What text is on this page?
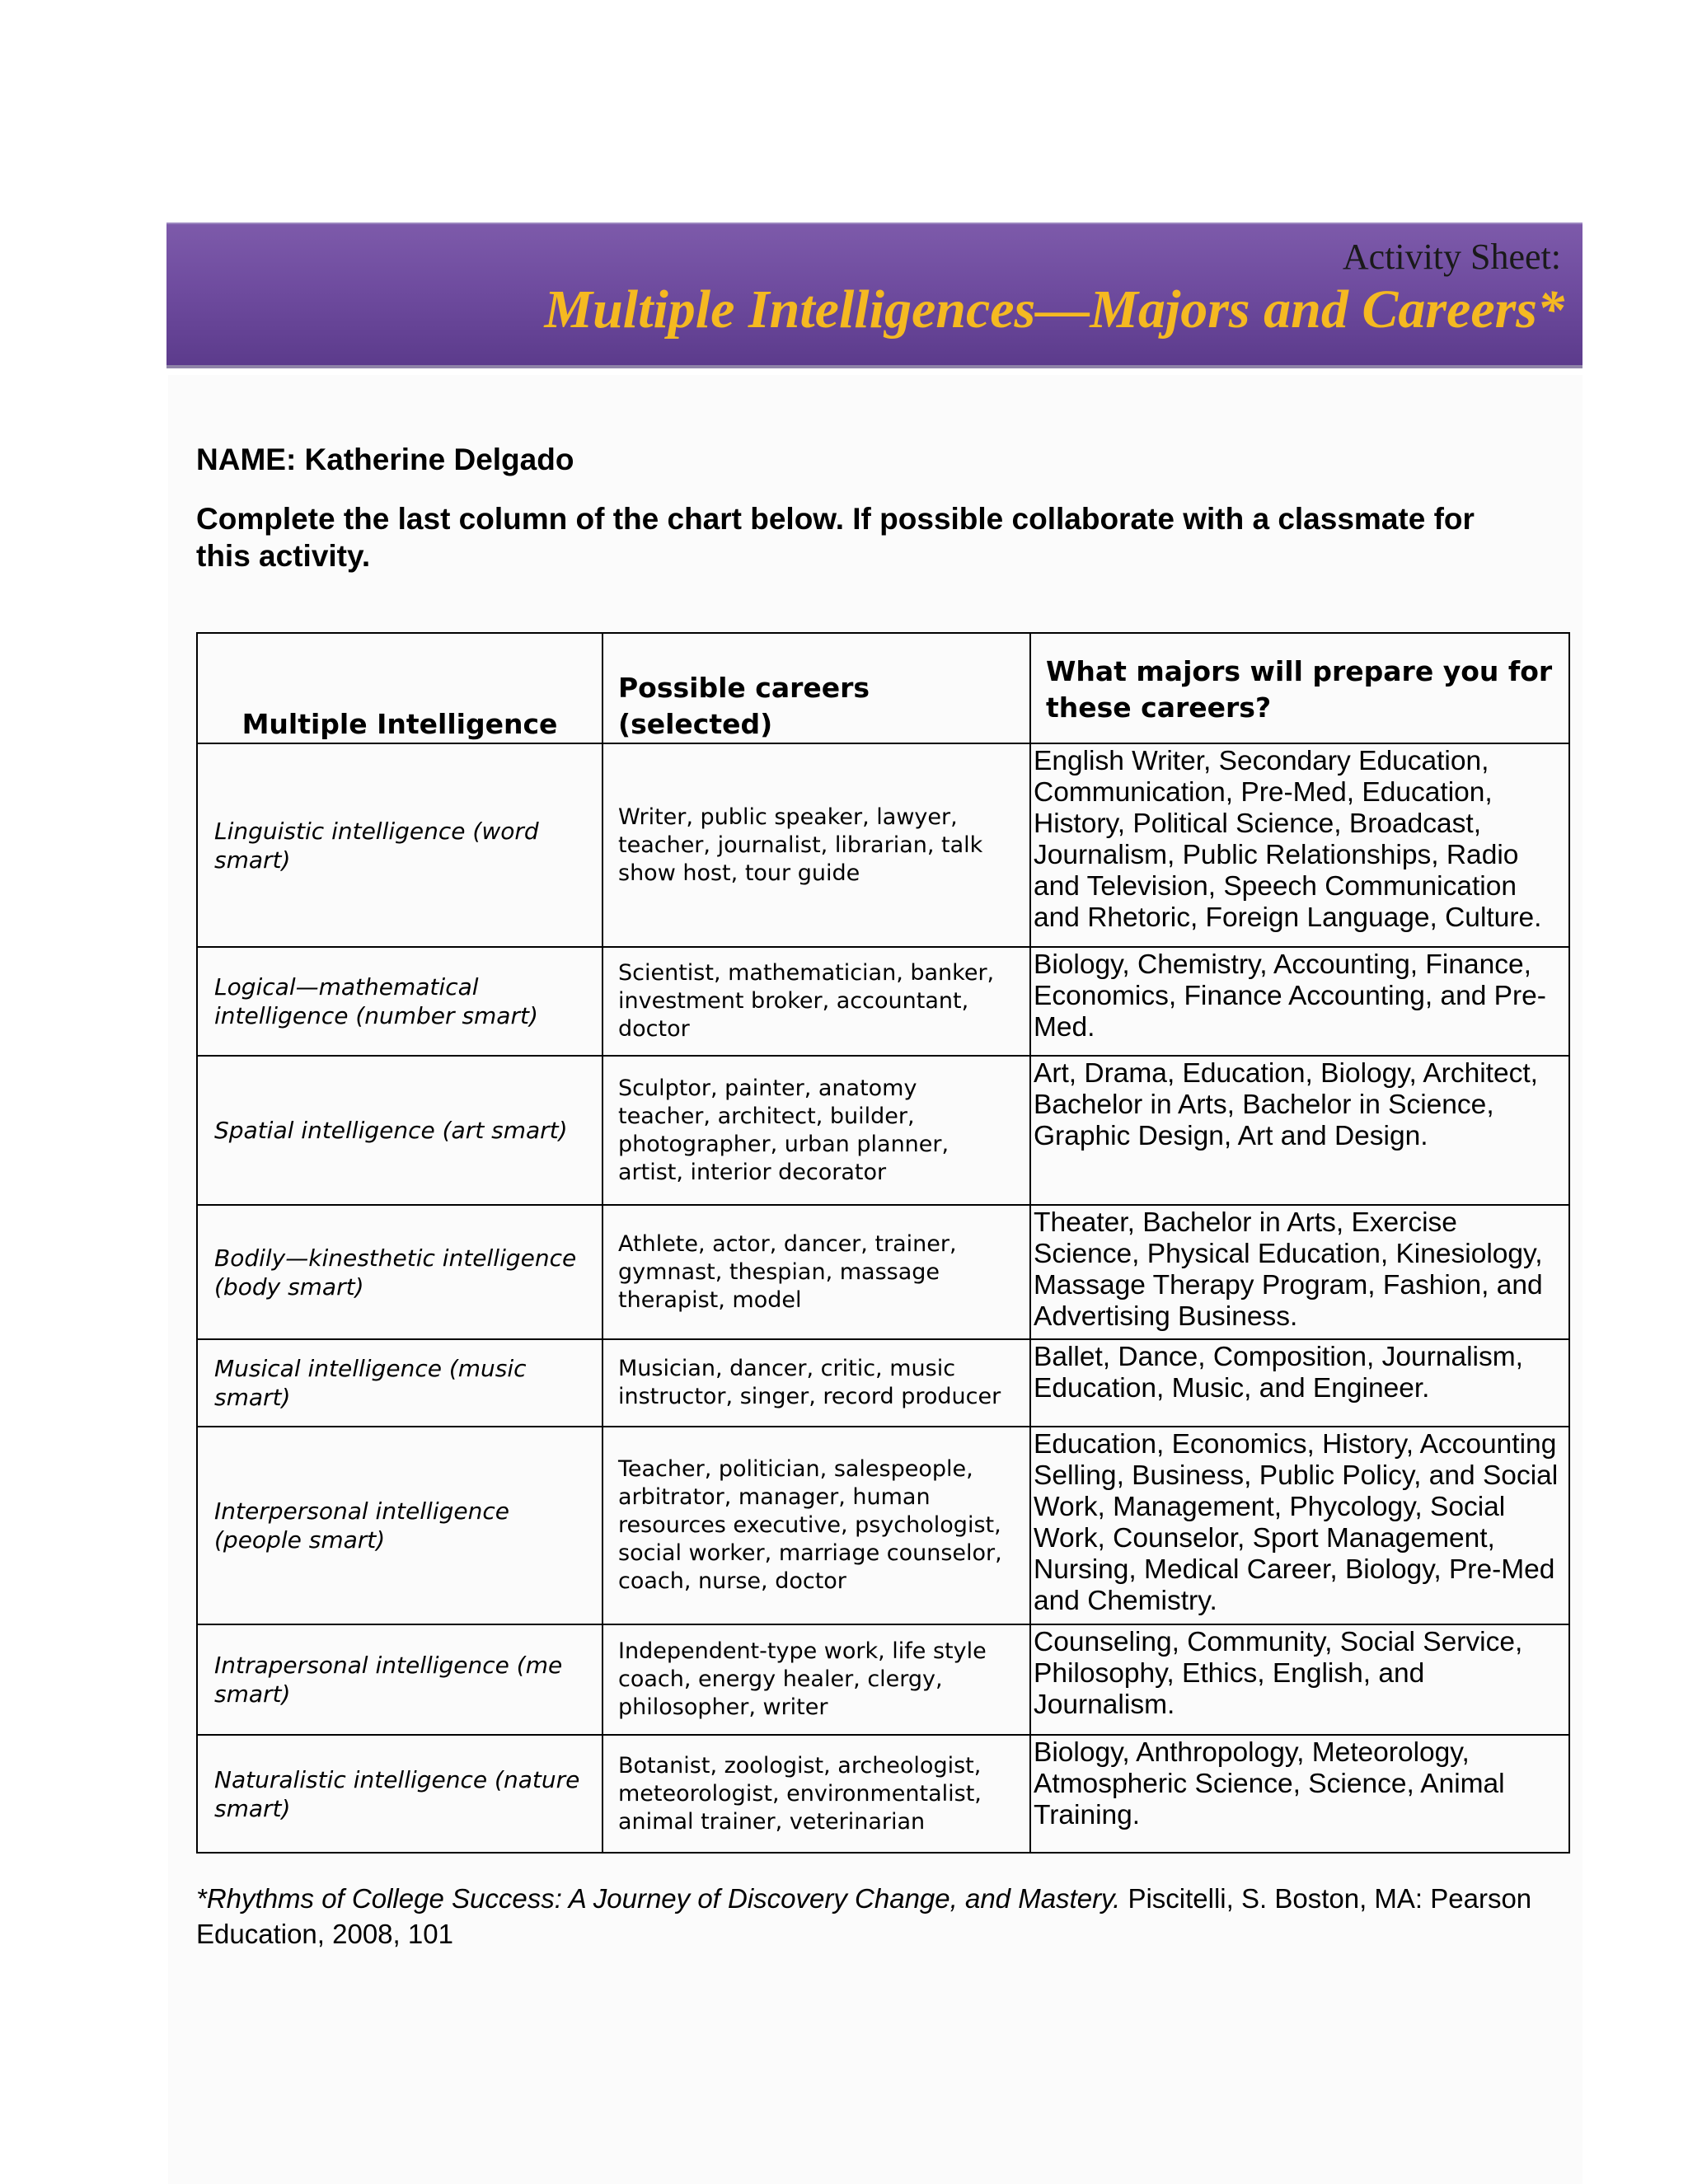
Activity Sheet:
Multiple Intelligences—Majors and Careers*
NAME: Katherine Delgado
Complete the last column of the chart below. If possible collaborate with a classmate for this activity.
Multiple Intelligence	Possible careers (selected)	What majors will prepare you for these careers?
Linguistic intelligence (word smart)	Writer, public speaker, lawyer, teacher, journalist, librarian, talk show host, tour guide	English Writer, Secondary Education, Communication, Pre-Med, Education, History, Political Science, Broadcast, Journalism, Public Relationships, Radio and Television, Speech Communication and Rhetoric, Foreign Language, Culture.
Logical—mathematical intelligence (number smart)	Scientist, mathematician, banker, investment broker, accountant, doctor	Biology, Chemistry, Accounting, Finance, Economics, Finance Accounting, and Pre-Med.
Spatial intelligence (art smart)	Sculptor, painter, anatomy teacher, architect, builder, photographer, urban planner, artist, interior decorator	Art, Drama, Education, Biology, Architect, Bachelor in Arts, Bachelor in Science, Graphic Design, Art and Design.
Bodily—kinesthetic intelligence (body smart)	Athlete, actor, dancer, trainer, gymnast, thespian, massage therapist, model	Theater, Bachelor in Arts, Exercise Science, Physical Education, Kinesiology, Massage Therapy Program, Fashion, and Advertising Business.
Musical intelligence (music smart)	Musician, dancer, critic, music instructor, singer, record producer	Ballet, Dance, Composition, Journalism, Education, Music, and Engineer.
Interpersonal intelligence (people smart)	Teacher, politician, salespeople, arbitrator, manager, human resources executive, psychologist, social worker, marriage counselor, coach, nurse, doctor	Education, Economics, History, Accounting Selling, Business, Public Policy, and Social Work, Management, Phycology, Social Work, Counselor, Sport Management, Nursing, Medical Career, Biology, Pre-Med and Chemistry.
Intrapersonal intelligence (me smart)	Independent-type work, life style coach, energy healer, clergy, philosopher, writer	Counseling, Community, Social Service, Philosophy, Ethics, English, and Journalism.
Naturalistic intelligence (nature smart)	Botanist, zoologist, archeologist, meteorologist, environmentalist, animal trainer, veterinarian	Biology, Anthropology, Meteorology, Atmospheric Science, Science, Animal Training.
*Rhythms of College Success: A Journey of Discovery Change, and Mastery. Piscitelli, S. Boston, MA: Pearson Education, 2008, 101
